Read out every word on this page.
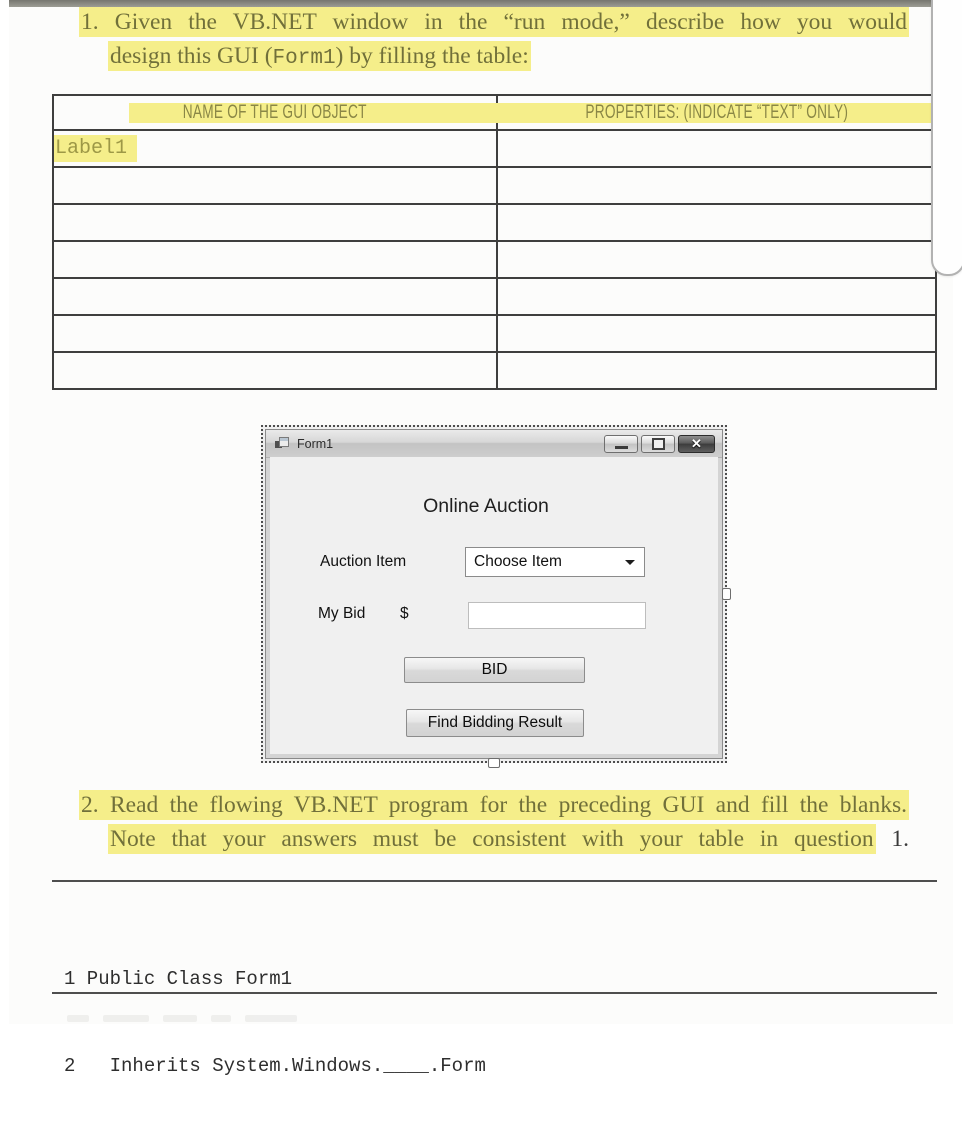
1. Given the VB.NET window in the “run mode,” describe how you would
design this GUI (Form1) by filling the table:
NAME OF THE GUI OBJECT	PROPERTIES: (INDICATE “TEXT” ONLY)

Label1	

Form1	✕
Online Auction
Auction Item	Choose Item
My Bid $
BID
Find Bidding Result
2. Read the flowing VB.NET program for the preceding GUI and fill the blanks.
Note that your answers must be consistent with your table in question 1.

1 Public Class Form1

2   Inherits System.Windows.____.Form
